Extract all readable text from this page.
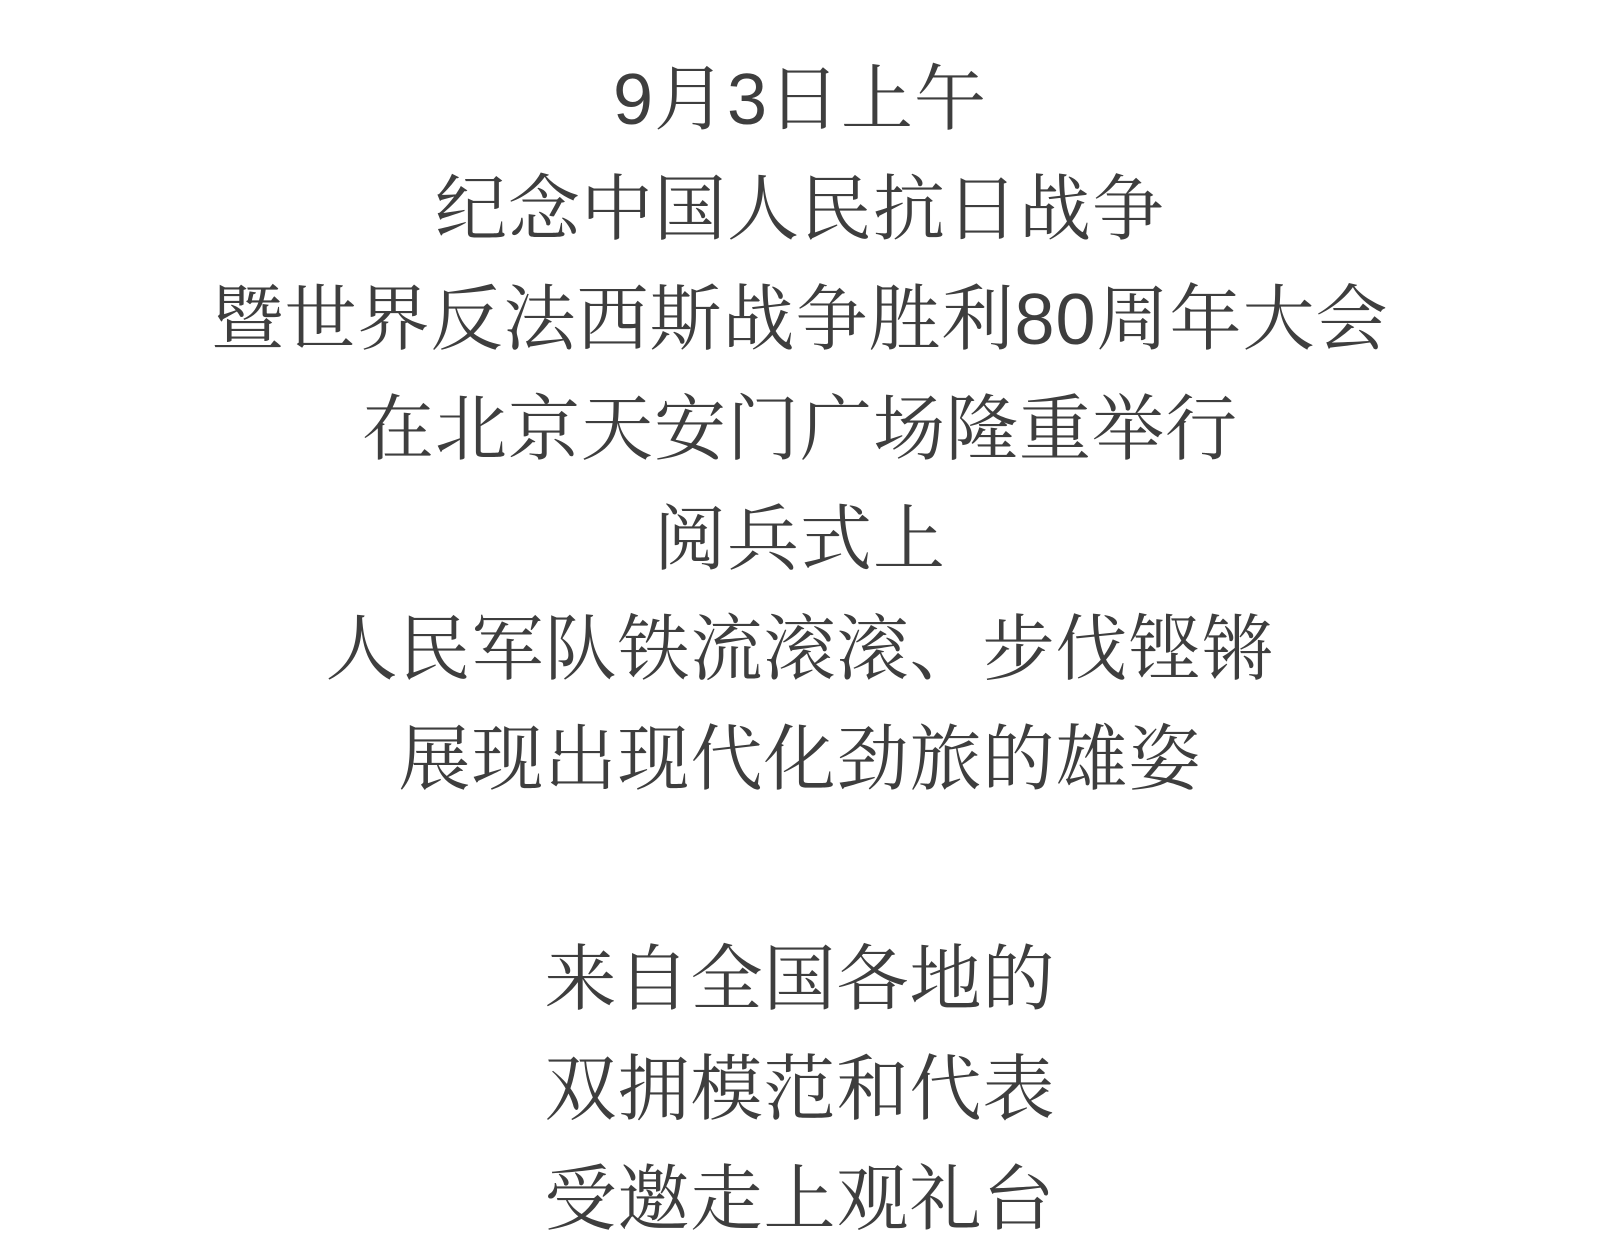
9月3日上午

纪念中国人民抗日战争

暨世界反法西斯战争胜利80周年大会

在北京天安门广场隆重举行

阅兵式上

人民军队铁流滚滚、步伐铿锵

展现出现代化劲旅的雄姿

来自全国各地的

双拥模范和代表

受邀走上观礼台
